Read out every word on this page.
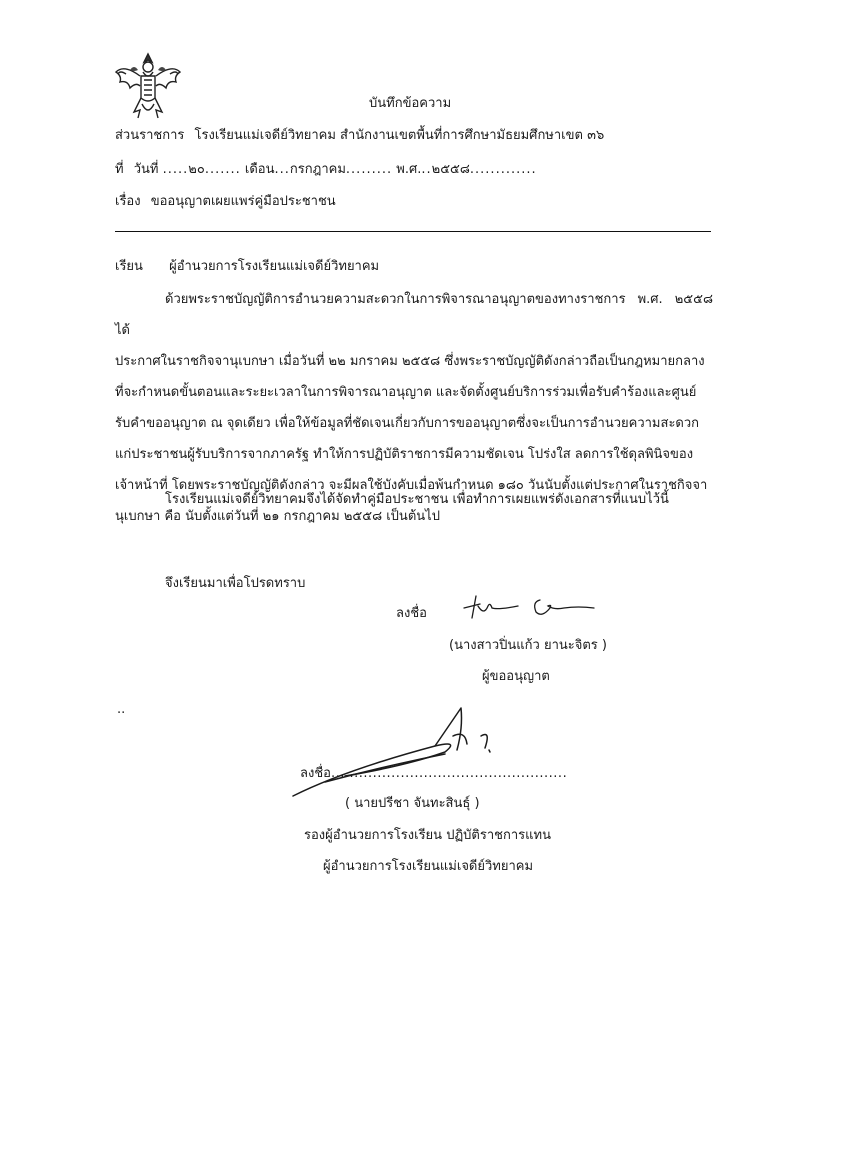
บันทึกข้อความ
ส่วนราชการ โรงเรียนแม่เจดีย์วิทยาคม สำนักงานเขตพื้นที่การศึกษามัธยมศึกษาเขต ๓๖
ที่ วันที่ .....๒๐....... เดือน...กรกฎาคม......... พ.ศ...๒๕๕๘.............
เรื่อง ขออนุญาตเผยแพร่คู่มือประชาชน
เรียน ผู้อำนวยการโรงเรียนแม่เจดีย์วิทยาคม
ด้วยพระราชบัญญัติการอำนวยความสะดวกในการพิจารณาอนุญาตของทางราชการ พ.ศ. ๒๕๕๘ ได้
ประกาศในราชกิจจานุเบกษา เมื่อวันที่ ๒๒ มกราคม ๒๕๕๘ ซึ่งพระราชบัญญัติดังกล่าวถือเป็นกฎหมายกลาง
ที่จะกำหนดขั้นตอนและระยะเวลาในการพิจารณาอนุญาต และจัดตั้งศูนย์บริการร่วมเพื่อรับคำร้องและศูนย์
รับคำขออนุญาต ณ จุดเดียว เพื่อให้ข้อมูลที่ชัดเจนเกี่ยวกับการขออนุญาตซึ่งจะเป็นการอำนวยความสะดวก
แก่ประชาชนผู้รับบริการจากภาครัฐ ทำให้การปฏิบัติราชการมีความชัดเจน โปร่งใส ลดการใช้ดุลพินิจของ
เจ้าหน้าที่ โดยพระราชบัญญัติดังกล่าว จะมีผลใช้บังคับเมื่อพ้นกำหนด ๑๘๐ วันนับตั้งแต่ประกาศในราชกิจจา
นุเบกษา คือ นับตั้งแต่วันที่ ๒๑ กรกฎาคม ๒๕๕๘ เป็นต้นไป
โรงเรียนแม่เจดีย์วิทยาคมจึงได้จัดทำคู่มือประชาชน เพื่อทำการเผยแพร่ดังเอกสารที่แนบไว้นี้
จึงเรียนมาเพื่อโปรดทราบ
ลงชื่อ
(นางสาวปิ่นแก้ว ยานะจิตร )
ผู้ขออนุญาต
..
ลงชื่อ...................................................
( นายปรีชา จันทะสินธุ์ )
รองผู้อำนวยการโรงเรียน ปฏิบัติราชการแทน
ผู้อำนวยการโรงเรียนแม่เจดีย์วิทยาคม
